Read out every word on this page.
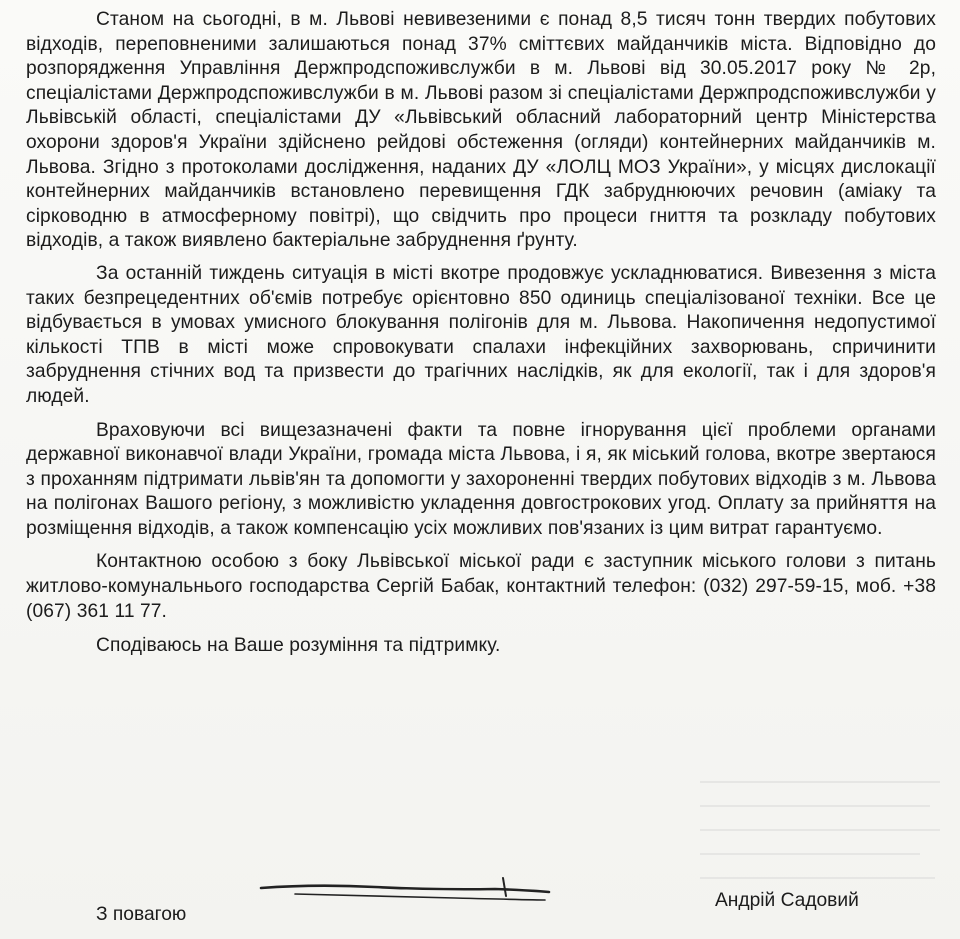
Станом на сьогодні, в м. Львові невивезеними є понад 8,5 тисяч тонн твердих побутових відходів, переповненими залишаються понад 37% сміттєвих майданчиків міста. Відповідно до розпорядження Управління Держпродспоживслужби в м. Львові від 30.05.2017 року № 2р, спеціалістами Держпродспоживслужби в м. Львові разом зі спеціалістами Держпродспоживслужби у Львівській області, спеціалістами ДУ «Львівський обласний лабораторний центр Міністерства охорони здоров'я України здійснено рейдові обстеження (огляди) контейнерних майданчиків м. Львова. Згідно з протоколами дослідження, наданих ДУ «ЛОЛЦ МОЗ України», у місцях дислокації контейнерних майданчиків встановлено перевищення ГДК забруднюючих речовин (аміаку та сірководню в атмосферному повітрі), що свідчить про процеси гниття та розкладу побутових відходів, а також виявлено бактеріальне забруднення ґрунту.

За останній тиждень ситуація в місті вкотре продовжує ускладнюватися. Вивезення з міста таких безпрецедентних об'ємів потребує орієнтовно 850 одиниць спеціалізованої техніки. Все це відбувається в умовах умисного блокування полігонів для м. Львова. Накопичення недопустимої кількості ТПВ в місті може спровокувати спалахи інфекційних захворювань, спричинити забруднення стічних вод та призвести до трагічних наслідків, як для екології, так і для здоров'я людей.

Враховуючи всі вищезазначені факти та повне ігнорування цієї проблеми органами державної виконавчої влади України, громада міста Львова, і я, як міський голова, вкотре звертаюся з проханням підтримати львів'ян та допомогти у захороненні твердих побутових відходів з м. Львова на полігонах Вашого регіону, з можливістю укладення довгострокових угод. Оплату за прийняття на розміщення відходів, а також компенсацію усіх можливих пов'язаних із цим витрат гарантуємо.

Контактною особою з боку Львівської міської ради є заступник міського голови з питань житлово-комунальнього господарства Сергій Бабак, контактний телефон: (032) 297-59-15, моб. +38 (067) 361 11 77.

Сподіваюсь на Ваше розуміння та підтримку.

З повагою
Андрій Садовий
